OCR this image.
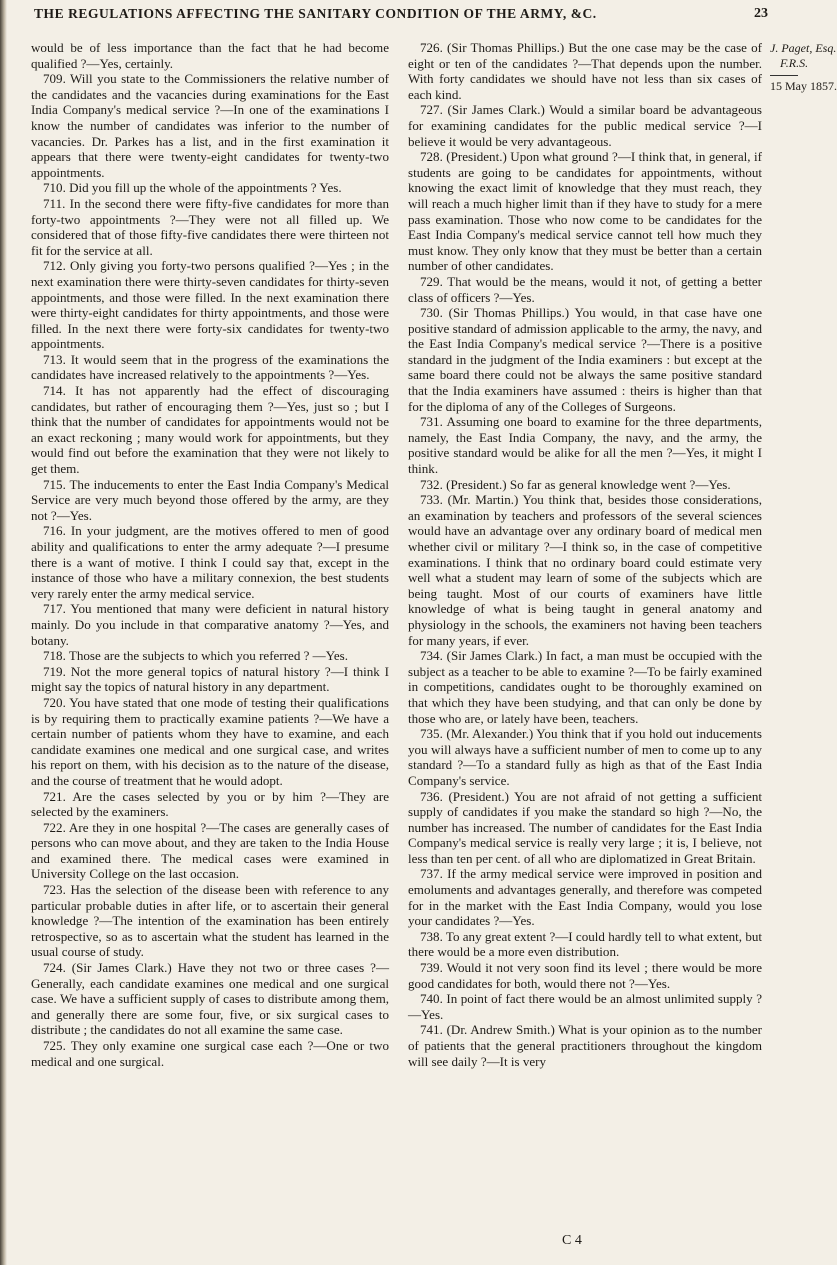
THE REGULATIONS AFFECTING THE SANITARY CONDITION OF THE ARMY, &C.	23

would be of less importance than the fact that he had become qualified ?—Yes, certainly.

709. Will you state to the Commissioners the relative number of the candidates and the vacancies during examinations for the East India Company's medical service ?—In one of the examinations I know the number of candidates was inferior to the number of vacancies. Dr. Parkes has a list, and in the first examination it appears that there were twenty-eight candidates for twenty-two appointments.

710. Did you fill up the whole of the appointments ? Yes.

711. In the second there were fifty-five candidates for more than forty-two appointments ?—They were not all filled up. We considered that of those fifty-five candidates there were thirteen not fit for the service at all.

712. Only giving you forty-two persons qualified ?—Yes ; in the next examination there were thirty-seven candidates for thirty-seven appointments, and those were filled. In the next examination there were thirty-eight candidates for thirty appointments, and those were filled. In the next there were forty-six candidates for twenty-two appointments.

713. It would seem that in the progress of the examinations the candidates have increased relatively to the appointments ?—Yes.

714. It has not apparently had the effect of discouraging candidates, but rather of encouraging them ?—Yes, just so ; but I think that the number of candidates for appointments would not be an exact reckoning ; many would work for appointments, but they would find out before the examination that they were not likely to get them.

715. The inducements to enter the East India Company's Medical Service are very much beyond those offered by the army, are they not ?—Yes.

716. In your judgment, are the motives offered to men of good ability and qualifications to enter the army adequate ?—I presume there is a want of motive. I think I could say that, except in the instance of those who have a military connexion, the best students very rarely enter the army medical service.

717. You mentioned that many were deficient in natural history mainly. Do you include in that comparative anatomy ?—Yes, and botany.

718. Those are the subjects to which you referred ? —Yes.

719. Not the more general topics of natural history ?—I think I might say the topics of natural history in any department.

720. You have stated that one mode of testing their qualifications is by requiring them to practically examine patients ?—We have a certain number of patients whom they have to examine, and each candidate examines one medical and one surgical case, and writes his report on them, with his decision as to the nature of the disease, and the course of treatment that he would adopt.

721. Are the cases selected by you or by him ?—They are selected by the examiners.

722. Are they in one hospital ?—The cases are generally cases of persons who can move about, and they are taken to the India House and examined there. The medical cases were examined in University College on the last occasion.

723. Has the selection of the disease been with reference to any particular probable duties in after life, or to ascertain their general knowledge ?—The intention of the examination has been entirely retrospective, so as to ascertain what the student has learned in the usual course of study.

724. (Sir James Clark.) Have they not two or three cases ?—Generally, each candidate examines one medical and one surgical case. We have a sufficient supply of cases to distribute among them, and generally there are some four, five, or six surgical cases to distribute ; the candidates do not all examine the same case.

725. They only examine one surgical case each ?—One or two medical and one surgical.

726. (Sir Thomas Phillips.) But the one case may be the case of eight or ten of the candidates ?—That depends upon the number. With forty candidates we should have not less than six cases of each kind.

727. (Sir James Clark.) Would a similar board be advantageous for examining candidates for the public medical service ?—I believe it would be very advantageous.

728. (President.) Upon what ground ?—I think that, in general, if students are going to be candidates for appointments, without knowing the exact limit of knowledge that they must reach, they will reach a much higher limit than if they have to study for a mere pass examination. Those who now come to be candidates for the East India Company's medical service cannot tell how much they must know. They only know that they must be better than a certain number of other candidates.

729. That would be the means, would it not, of getting a better class of officers ?—Yes.

730. (Sir Thomas Phillips.) You would, in that case have one positive standard of admission applicable to the army, the navy, and the East India Company's medical service ?—There is a positive standard in the judgment of the India examiners : but except at the same board there could not be always the same positive standard that the India examiners have assumed : theirs is higher than that for the diploma of any of the Colleges of Surgeons.

731. Assuming one board to examine for the three departments, namely, the East India Company, the navy, and the army, the positive standard would be alike for all the men ?—Yes, it might I think.

732. (President.) So far as general knowledge went ?—Yes.

733. (Mr. Martin.) You think that, besides those considerations, an examination by teachers and professors of the several sciences would have an advantage over any ordinary board of medical men whether civil or military ?—I think so, in the case of competitive examinations. I think that no ordinary board could estimate very well what a student may learn of some of the subjects which are being taught. Most of our courts of examiners have little knowledge of what is being taught in general anatomy and physiology in the schools, the examiners not having been teachers for many years, if ever.

734. (Sir James Clark.) In fact, a man must be occupied with the subject as a teacher to be able to examine ?—To be fairly examined in competitions, candidates ought to be thoroughly examined on that which they have been studying, and that can only be done by those who are, or lately have been, teachers.

735. (Mr. Alexander.) You think that if you hold out inducements you will always have a sufficient number of men to come up to any standard ?—To a standard fully as high as that of the East India Company's service.

736. (President.) You are not afraid of not getting a sufficient supply of candidates if you make the standard so high ?—No, the number has increased. The number of candidates for the East India Company's medical service is really very large ; it is, I believe, not less than ten per cent. of all who are diplomatized in Great Britain.

737. If the army medical service were improved in position and emoluments and advantages generally, and therefore was competed for in the market with the East India Company, would you lose your candidates ?—Yes.

738. To any great extent ?—I could hardly tell to what extent, but there would be a more even distribution.

739. Would it not very soon find its level ; there would be more good candidates for both, would there not ?—Yes.

740. In point of fact there would be an almost unlimited supply ?—Yes.

741. (Dr. Andrew Smith.) What is your opinion as to the number of patients that the general practitioners throughout the kingdom will see daily ?—It is very

J. Paget, Esq.
F.R.S.
15 May 1857.
C 4
